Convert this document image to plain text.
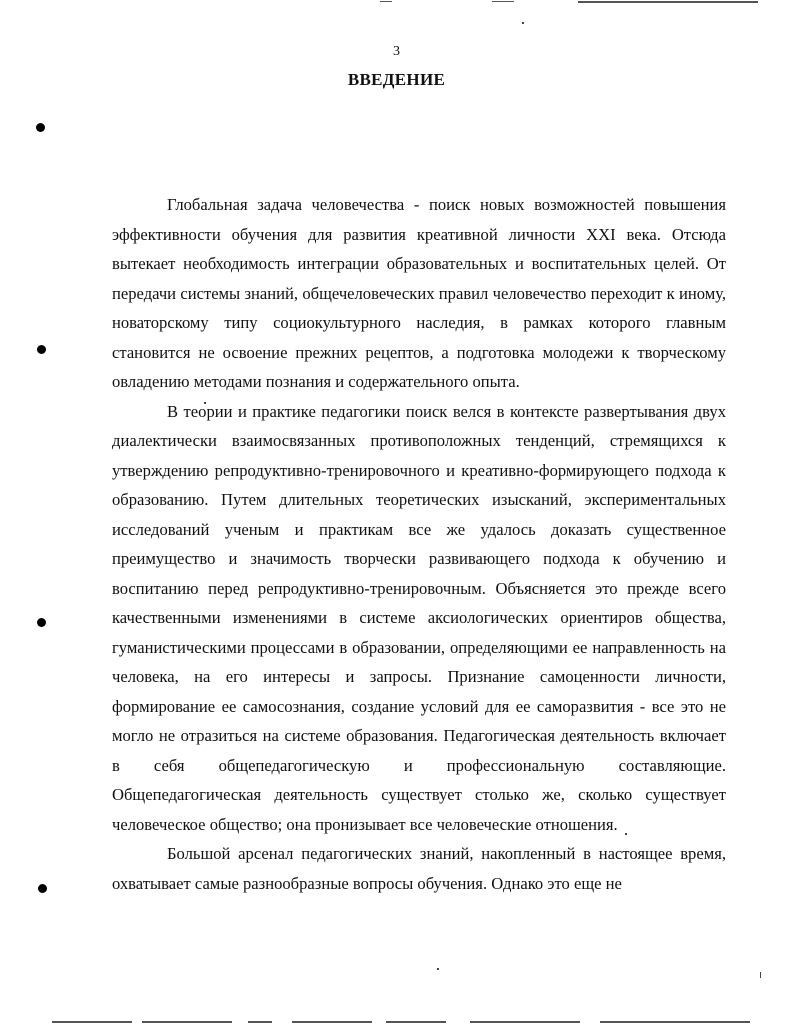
3
ВВЕДЕНИЕ

Глобальная задача человечества - поиск новых возможностей повышения эффективности обучения для развития креативной личности XXI века. Отсюда вытекает необходимость интеграции образовательных и воспитательных целей. От передачи системы знаний, общечеловеческих правил человечество переходит к иному, новаторскому типу социокультурного наследия, в рамках которого главным становится не освоение прежних рецептов, а подготовка молодежи к творческому овладению методами познания и содержательного опыта.

В теории и практике педагогики поиск велся в контексте развертывания двух диалектически взаимосвязанных противоположных тенденций, стремящихся к утверждению репродуктивно-тренировочного и креативно-формирующего подхода к образованию. Путем длительных теоретических изысканий, экспериментальных исследований ученым и практикам все же удалось доказать существенное преимущество и значимость творчески развивающего подхода к обучению и воспитанию перед репродуктивно-тренировочным. Объясняется это прежде всего качественными изменениями в системе аксиологических ориентиров общества, гуманистическими процессами в образовании, определяющими ее направленность на человека, на его интересы и запросы. Признание самоценности личности, формирование ее самосознания, создание условий для ее саморазвития - все это не могло не отразиться на системе образования. Педагогическая деятельность включает в себя общепедагогическую и профессиональную составляющие. Общепедагогическая деятельность существует столько же, сколько существует человеческое общество; она пронизывает все человеческие отношения.

Большой арсенал педагогических знаний, накопленный в настоящее время, охватывает самые разнообразные вопросы обучения. Однако это еще не
